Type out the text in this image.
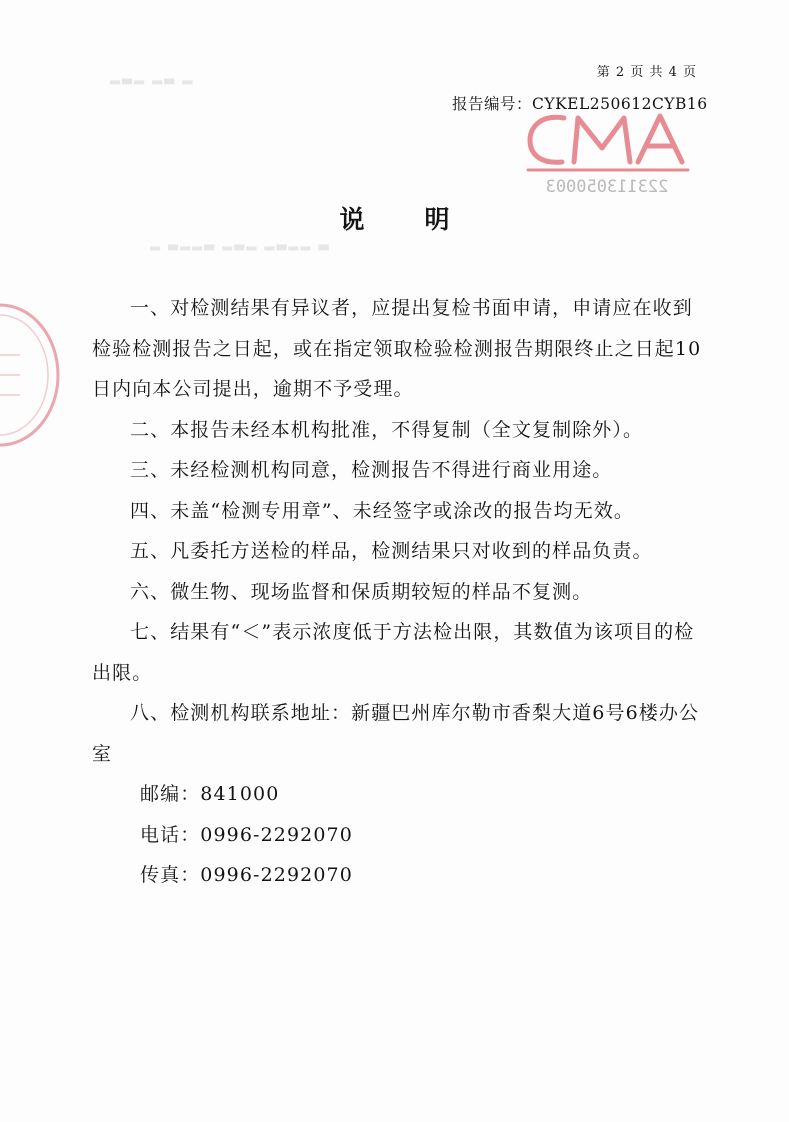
▂▃▂ ▂▃ ▂
▂ ▃▂▂▃ ▂▃▂ ▂▃▂▂ ▃
223113050003
第 2 页 共 4 页
报告编号：CYKEL250612CYB16
说明

一、对检测结果有异议者，应提出复检书面申请，申请应在收到检验检测报告之日起，或在指定领取检验检测报告期限终止之日起10日内向本公司提出，逾期不予受理。

二、本报告未经本机构批准，不得复制（全文复制除外）。

三、未经检测机构同意，检测报告不得进行商业用途。

四、未盖“检测专用章”、未经签字或涂改的报告均无效。

五、凡委托方送检的样品，检测结果只对收到的样品负责。

六、微生物、现场监督和保质期较短的样品不复测。

七、结果有“＜”表示浓度低于方法检出限，其数值为该项目的检出限。

八、检测机构联系地址：新疆巴州库尔勒市香梨大道6号6楼办公室

邮编：841000

电话：0996-2292070

传真：0996-2292070
